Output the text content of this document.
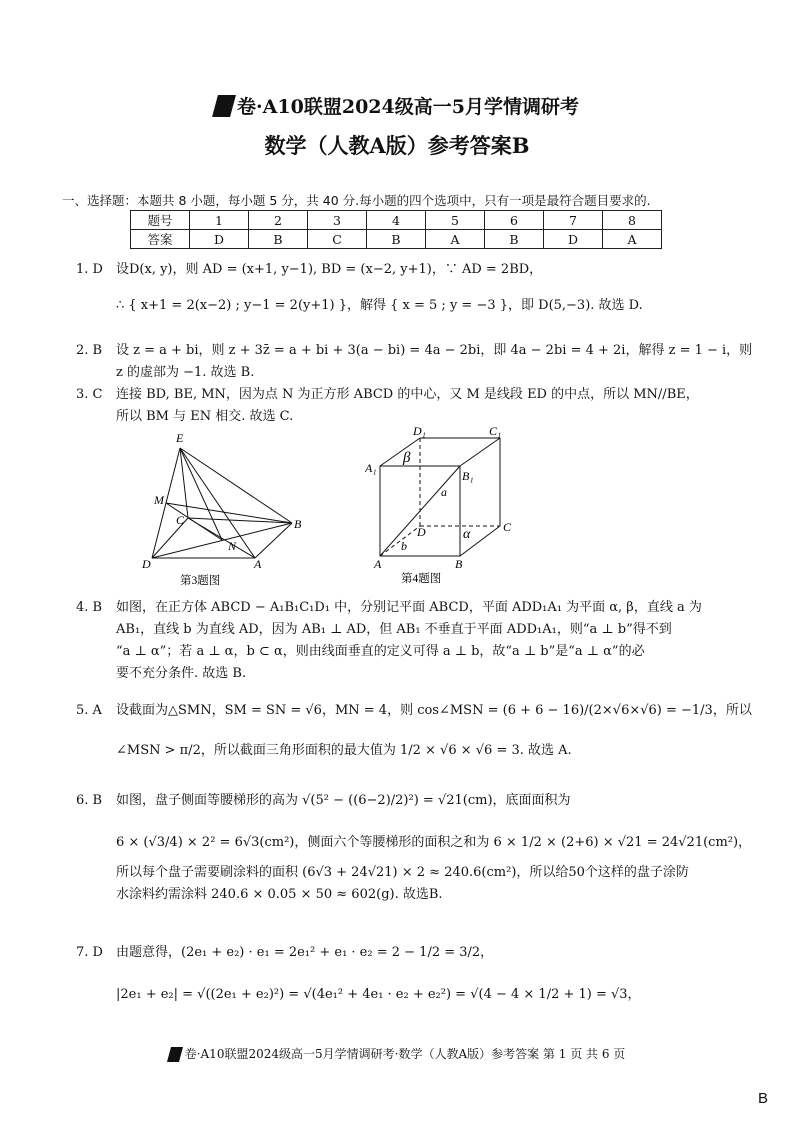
卷·A10联盟2024级高一5月学情调研考
数学（人教A版）参考答案B
一、选择题：本题共 8 小题，每小题 5 分，共 40 分.每小题的四个选项中，只有一项是最符合题目要求的.
题号	1	2	3	4	5	6	7	8
答案	D	B	C	B	A	B	D	A
1. D 设D(x, y)，则 AD = (x+1, y−1), BD = (x−2, y+1)，∵ AD = 2BD，
∴ { x+1 = 2(x−2) ; y−1 = 2(y+1) }，解得 { x = 5 ; y = −3 }，即 D(5,−3). 故选 D.
2. B 设 z = a + bi，则 z + 3z̄ = a + bi + 3(a − bi) = 4a − 2bi，即 4a − 2bi = 4 + 2i，解得 z = 1 − i，则
z 的虚部为 −1. 故选 B.
3. C 连接 BD, BE, MN，因为点 N 为正方形 ABCD 的中心，又 M 是线段 ED 的中点，所以 MN//BE，
所以 BM 与 EN 相交. 故选 C.
E
M
C	B
N
D	A
第3题图
D₁	C₁
A₁
B₁
β
a
D	C
α
b
A	B
第4题图
4. B 如图，在正方体 ABCD − A₁B₁C₁D₁ 中，分别记平面 ABCD，平面 ADD₁A₁ 为平面 α, β，直线 a 为
AB₁，直线 b 为直线 AD，因为 AB₁ ⊥ AD，但 AB₁ 不垂直于平面 ADD₁A₁，则“a ⊥ b”得不到
“a ⊥ α”；若 a ⊥ α，b ⊂ α，则由线面垂直的定义可得 a ⊥ b，故“a ⊥ b”是“a ⊥ α”的必
要不充分条件. 故选 B.
5. A 设截面为△SMN，SM = SN = √6，MN = 4，则 cos∠MSN = (6 + 6 − 16)/(2×√6×√6) = −1/3，所以
∠MSN > π/2，所以截面三角形面积的最大值为 1/2 × √6 × √6 = 3. 故选 A.
6. B 如图，盘子侧面等腰梯形的高为 √(5² − ((6−2)/2)²) = √21(cm)，底面面积为
6 × (√3/4) × 2² = 6√3(cm²)，侧面六个等腰梯形的面积之和为 6 × 1/2 × (2+6) × √21 = 24√21(cm²)，
所以每个盘子需要刷涂料的面积 (6√3 + 24√21) × 2 ≈ 240.6(cm²)，所以给50个这样的盘子涂防
水涂料约需涂料 240.6 × 0.05 × 50 ≈ 602(g). 故选B.
7. D 由题意得，(2e₁ + e₂) · e₁ = 2e₁² + e₁ · e₂ = 2 − 1/2 = 3/2，
|2e₁ + e₂| = √((2e₁ + e₂)²) = √(4e₁² + 4e₁ · e₂ + e₂²) = √(4 − 4 × 1/2 + 1) = √3，
卷·A10联盟2024级高一5月学情调研考·数学（人教A版）参考答案 第 1 页 共 6 页
B
